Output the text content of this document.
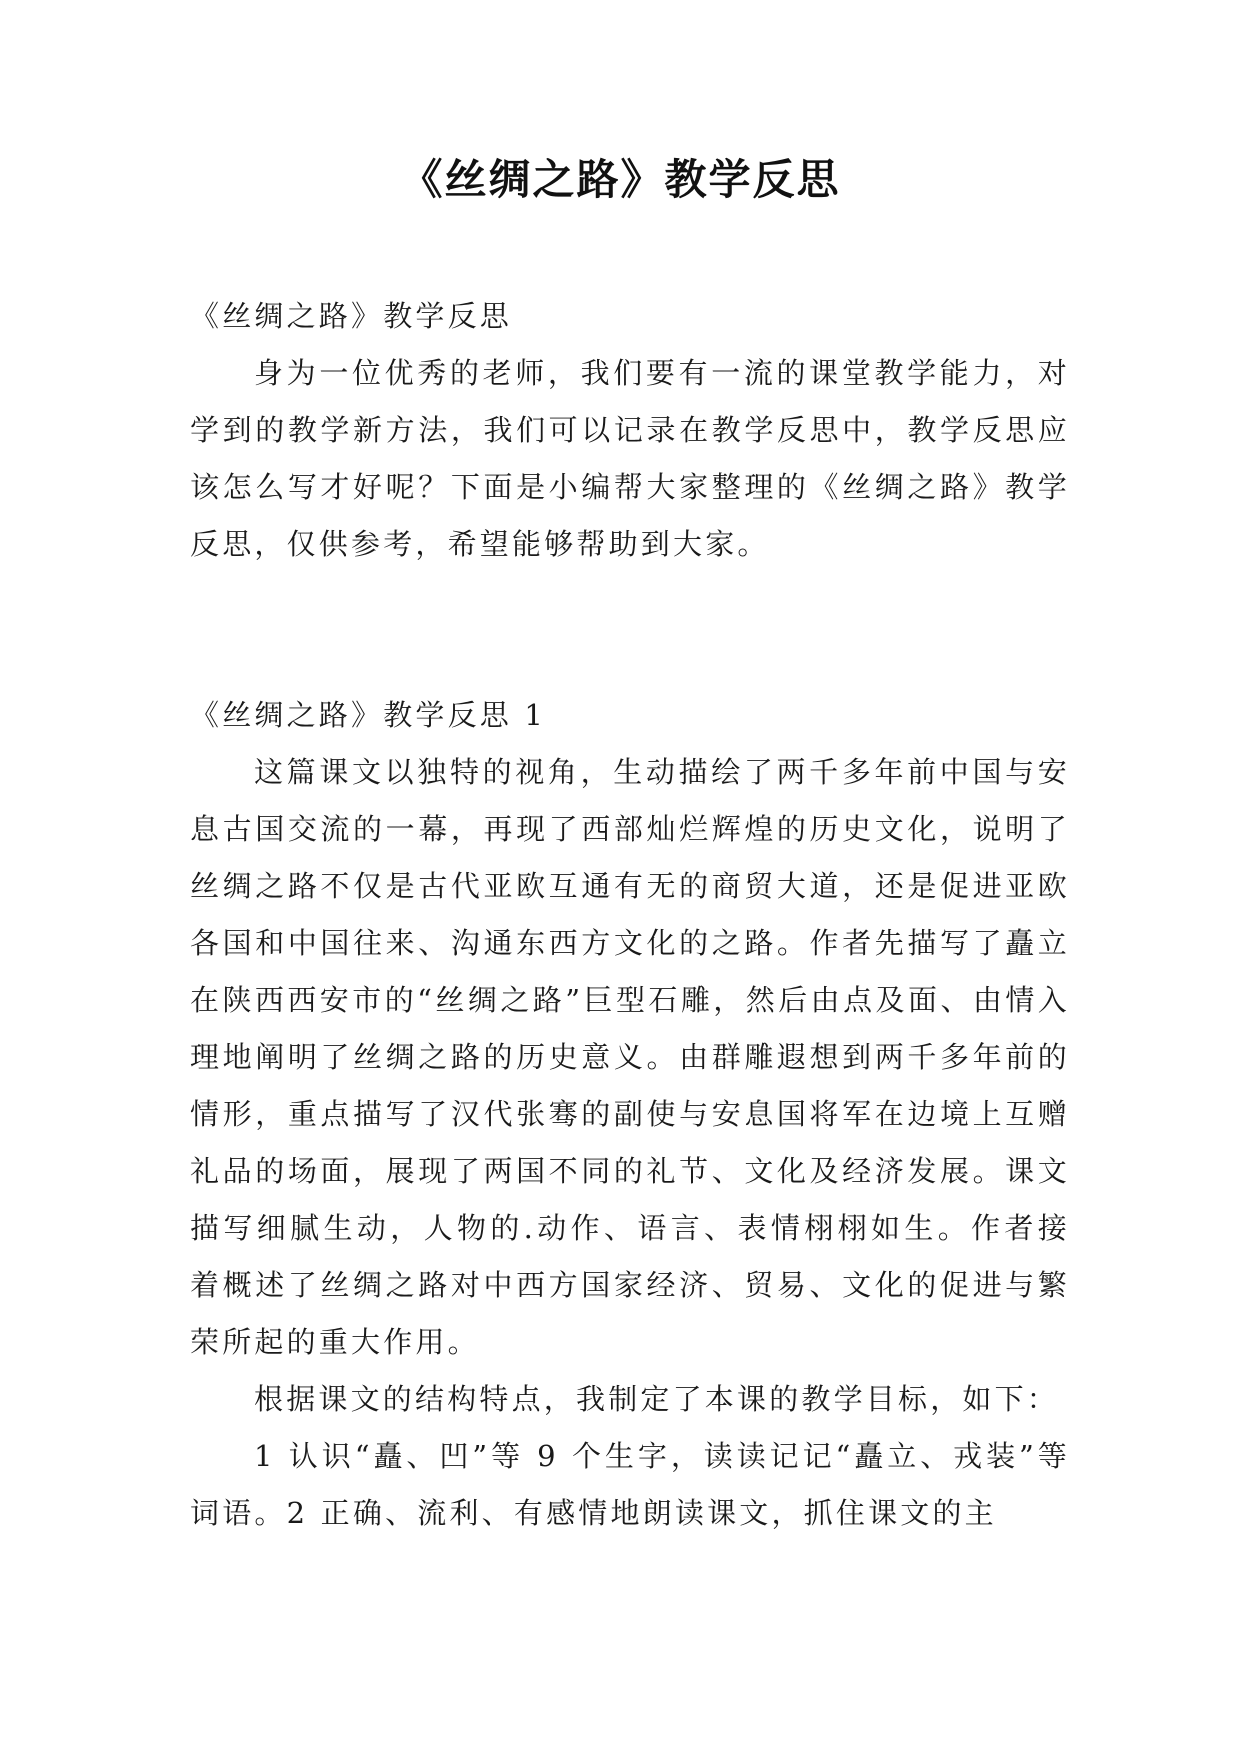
《丝绸之路》教学反思

《丝绸之路》教学反思

身为一位优秀的老师，我们要有一流的课堂教学能力，对学到的教学新方法，我们可以记录在教学反思中，教学反思应该怎么写才好呢？下面是小编帮大家整理的《丝绸之路》教学反思，仅供参考，希望能够帮助到大家。

《丝绸之路》教学反思 1

这篇课文以独特的视角，生动描绘了两千多年前中国与安息古国交流的一幕，再现了西部灿烂辉煌的历史文化，说明了丝绸之路不仅是古代亚欧互通有无的商贸大道，还是促进亚欧各国和中国往来、沟通东西方文化的之路。作者先描写了矗立在陕西西安市的“丝绸之路”巨型石雕，然后由点及面、由情入理地阐明了丝绸之路的历史意义。由群雕遐想到两千多年前的情形，重点描写了汉代张骞的副使与安息国将军在边境上互赠礼品的场面，展现了两国不同的礼节、文化及经济发展。课文描写细腻生动，人物的.动作、语言、表情栩栩如生。作者接着概述了丝绸之路对中西方国家经济、贸易、文化的促进与繁荣所起的重大作用。

根据课文的结构特点，我制定了本课的教学目标，如下：

1 认识“矗、凹”等 9 个生字，读读记记“矗立、戎装”等词语。2 正确、流利、有感情地朗读课文，抓住课文的主
